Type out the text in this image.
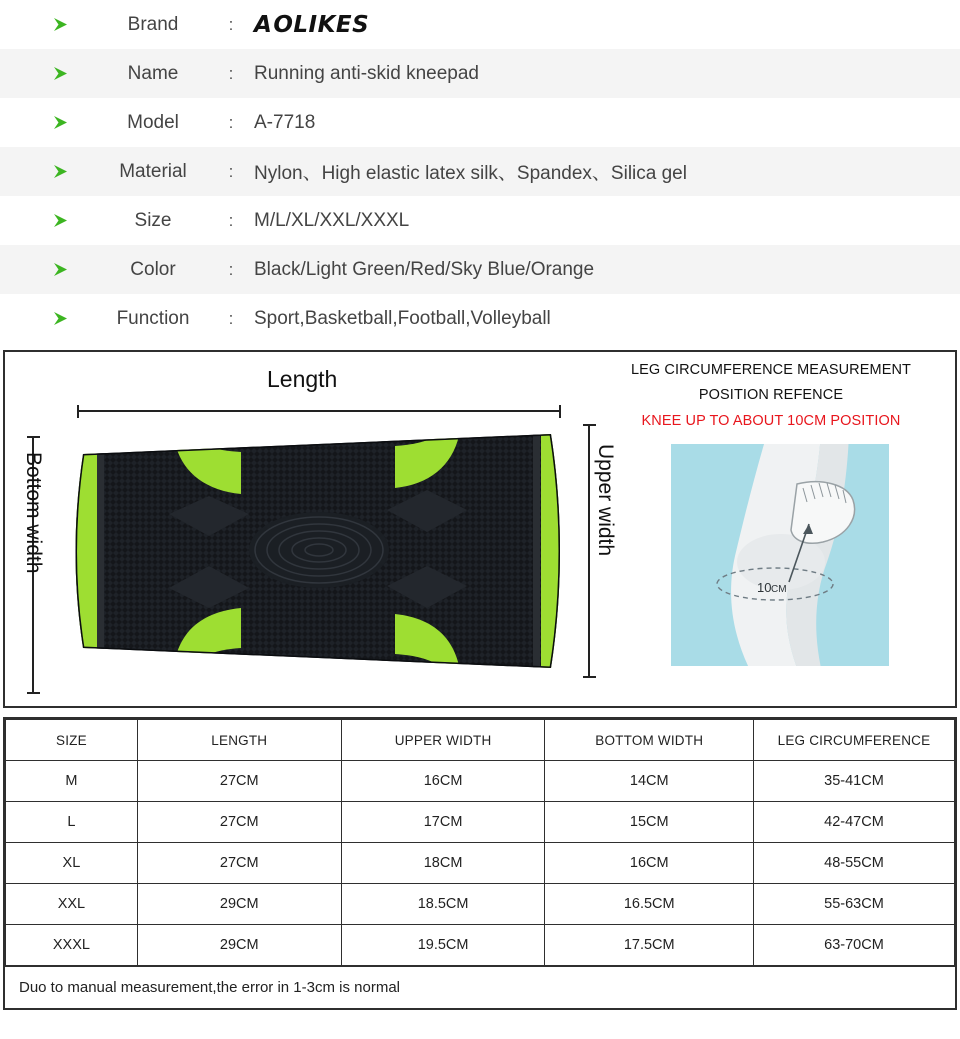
Brand	: AOLIKES
Name	:	Running anti-skid kneepad
Model	:	A-7718
Material	:	Nylon、High elastic latex silk、Spandex、Silica gel
Size	:	M/L/XL/XXL/XXXL
Color	:	Black/Light Green/Red/Sky Blue/Orange
Function	:	Sport,Basketball,Football,Volleyball
Length
Bottom width	Upper width
LEG CIRCUMFERENCE MEASUREMENT
POSITION REFENCE
KNEE UP TO ABOUT 10CM POSITION
10 CM
SIZE	LENGTH	UPPER WIDTH	BOTTOM WIDTH	LEG CIRCUMFERENCE
M	27CM	16CM	14CM	35-41CM
L	27CM	17CM	15CM	42-47CM
XL	27CM	18CM	16CM	48-55CM
XXL	29CM	18.5CM	16.5CM	55-63CM
XXXL	29CM	19.5CM	17.5CM	63-70CM
Duo to manual measurement,the error in 1-3cm is normal
